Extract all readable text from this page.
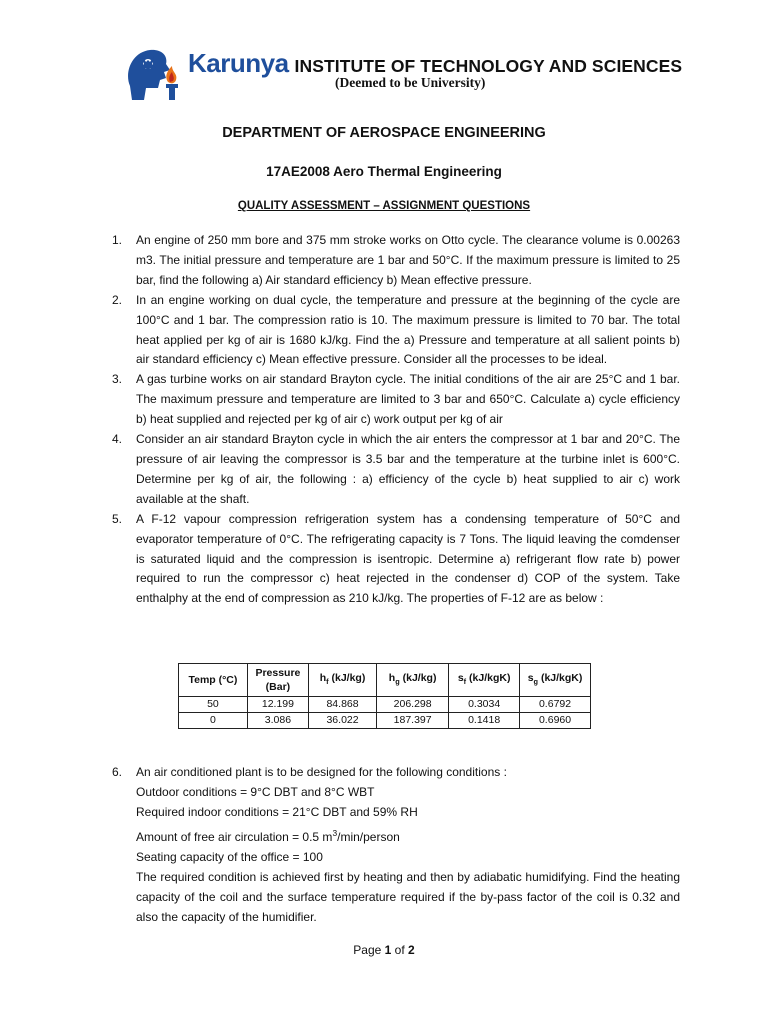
Karunya INSTITUTE OF TECHNOLOGY AND SCIENCES
(Deemed to be University)
DEPARTMENT OF AEROSPACE ENGINEERING
17AE2008 Aero Thermal Engineering
QUALITY ASSESSMENT – ASSIGNMENT QUESTIONS
1.	An engine of 250 mm bore and 375 mm stroke works on Otto cycle. The clearance volume is 0.00263 m3. The initial pressure and temperature are 1 bar and 50°C. If the maximum pressure is limited to 25 bar, find the following a) Air standard efficiency b) Mean effective pressure.
2.	In an engine working on dual cycle, the temperature and pressure at the beginning of the cycle are 100°C and 1 bar. The compression ratio is 10. The maximum pressure is limited to 70 bar. The total heat applied per kg of air is 1680 kJ/kg. Find the a) Pressure and temperature at all salient points b) air standard efficiency c) Mean effective pressure. Consider all the processes to be ideal.
3.	A gas turbine works on air standard Brayton cycle. The initial conditions of the air are 25°C and 1 bar. The maximum pressure and temperature are limited to 3 bar and 650°C. Calculate a) cycle efficiency b) heat supplied and rejected per kg of air c) work output per kg of air
4.	Consider an air standard Brayton cycle in which the air enters the compressor at 1 bar and 20°C. The pressure of air leaving the compressor is 3.5 bar and the temperature at the turbine inlet is 600°C. Determine per kg of air, the following : a) efficiency of the cycle b) heat supplied to air c) work available at the shaft.
5.	A F-12 vapour compression refrigeration system has a condensing temperature of 50°C and evaporator temperature of 0°C. The refrigerating capacity is 7 Tons. The liquid leaving the comdenser is saturated liquid and the compression is isentropic. Determine a) refrigerant flow rate b) power required to run the compressor c) heat rejected in the condenser d) COP of the system. Take enthalphy at the end of compression as 210 kJ/kg. The properties of F-12 are as below :
Temp (°C)	Pressure (Bar)	$h_f$ (kJ/kg)	$h_g$ (kJ/kg)	$s_f$ (kJ/kgK)	$s_g$ (kJ/kgK)
50	12.199	84.868	206.298	0.3034	0.6792
0	3.086	36.022	187.397	0.1418	0.6960
6.	An air conditioned plant is to be designed for the following conditions :
Outdoor conditions = 9°C DBT and 8°C WBT
Required indoor conditions = 21°C DBT and 59% RH
Amount of free air circulation = 0.5 $m^3/\min$/person
Seating capacity of the office = 100
The required condition is achieved first by heating and then by adiabatic humidifying. Find the heating capacity of the coil and the surface temperature required if the by-pass factor of the coil is 0.32 and also the capacity of the humidifier.
Page 1 of 2
